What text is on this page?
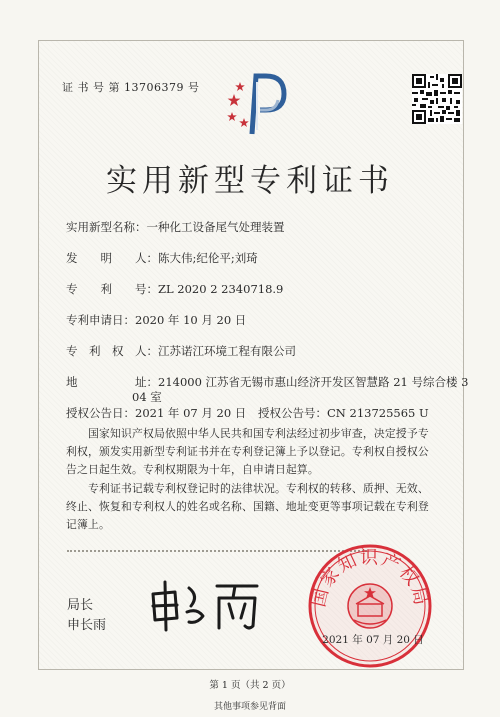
证 书 号 第 13706379 号
实用新型专利证书
实用新型名称：一种化工设备尾气处理装置
发　　明　　人：陈大伟;纪伦平;刘琦
专　　利　　号：ZL 2020 2 2340718.9
专利申请日：2020 年 10 月 20 日
专　利　权　人：江苏诺江环境工程有限公司
地　　　　　址：214000 江苏省无锡市惠山经济开发区智慧路 21 号综合楼 3
04 室
授权公告日：2021 年 07 月 20 日 授权公告号：CN 213725565 U
国家知识产权局依照中华人民共和国专利法经过初步审查，决定授予专利权，颁发实用新型专利证书并在专利登记簿上予以登记。专利权自授权公告之日起生效。专利权期限为十年，自申请日起算。
专利证书记载专利权登记时的法律状况。专利权的转移、质押、无效、终止、恢复和专利权人的姓名或名称、国籍、地址变更等事项记载在专利登记簿上。
局长
申长雨
国家知识产权局
2021 年 07 月 20 日
第 1 页（共 2 页）
其他事项参见背面
